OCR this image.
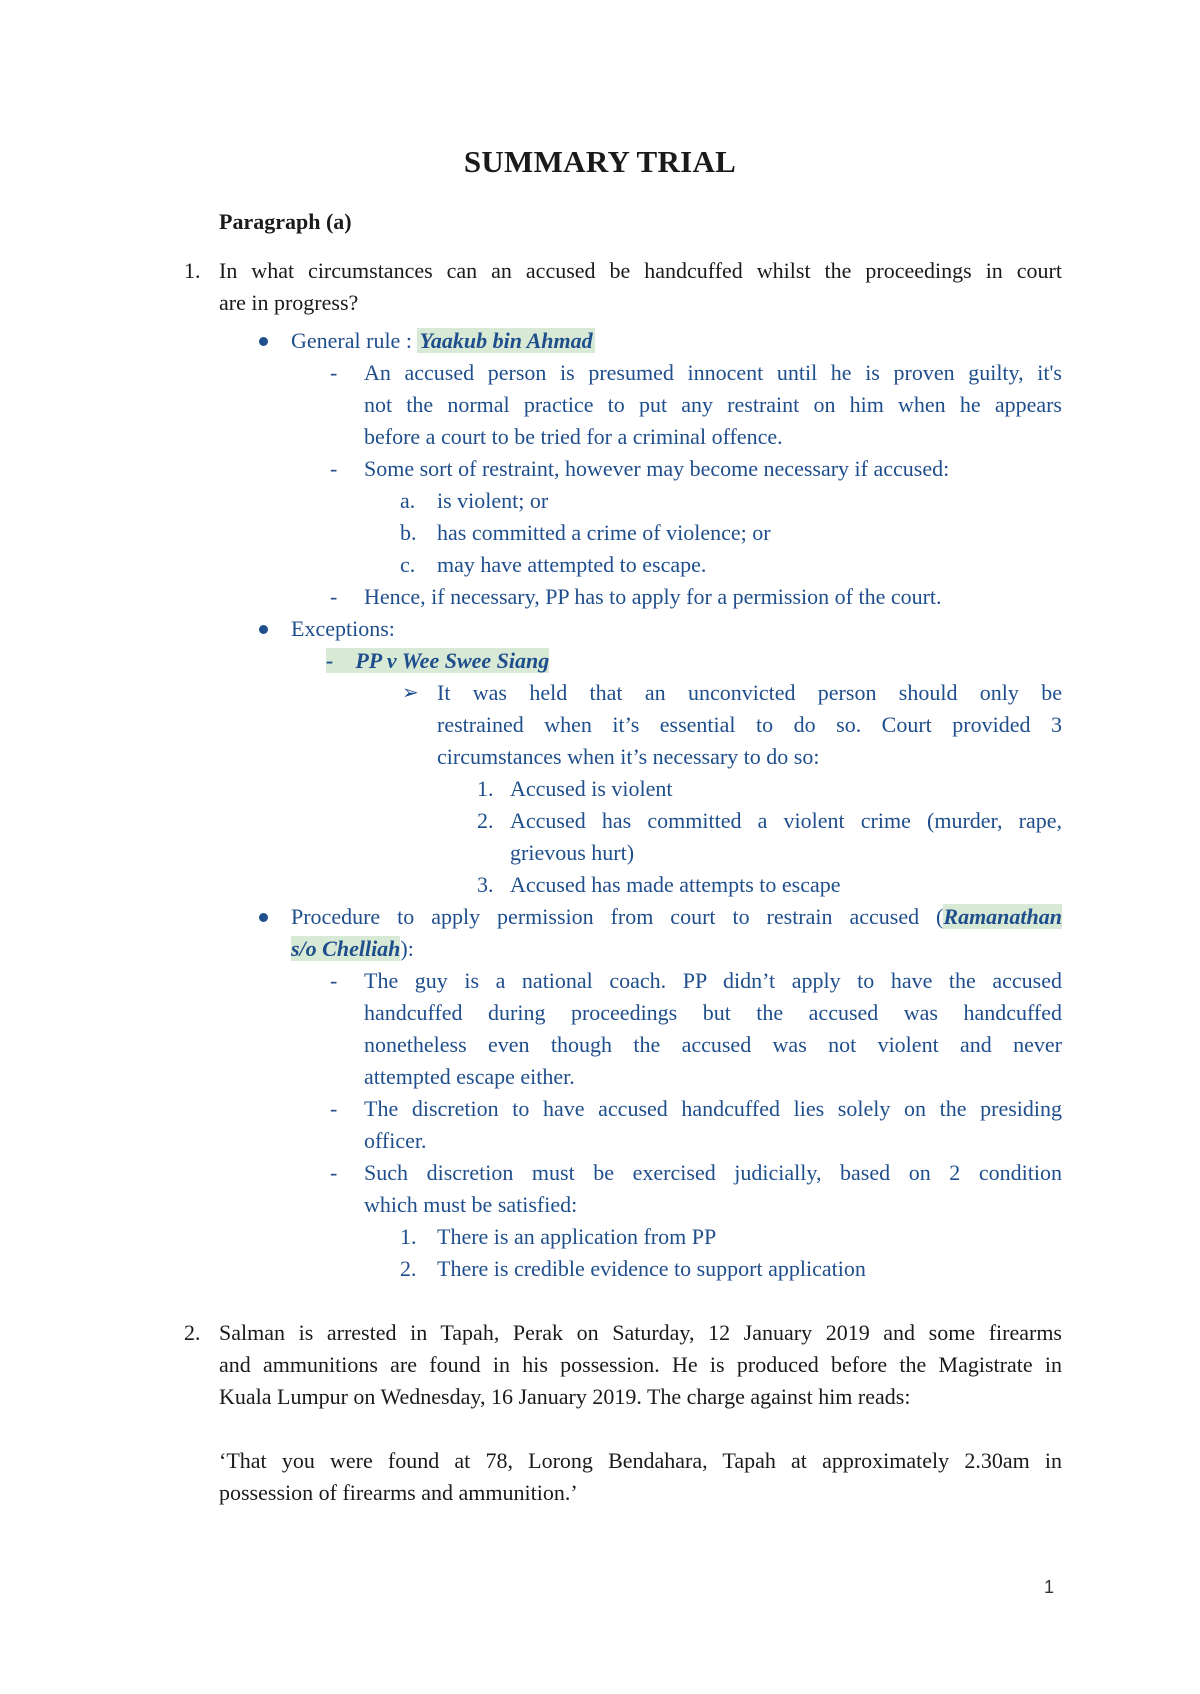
SUMMARY TRIAL
Paragraph (a)
1. In what circumstances can an accused be handcuffed whilst the proceedings in court
are in progress?
General rule : Yaakub bin Ahmad
- An accused person is presumed innocent until he is proven guilty, it's
not the normal practice to put any restraint on him when he appears
before a court to be tried for a criminal offence.
- Some sort of restraint, however may become necessary if accused:
a. is violent; or
b. has committed a crime of violence; or
c. may have attempted to escape.
- Hence, if necessary, PP has to apply for a permission of the court.
Exceptions:
-    PP v Wee Swee Siang
➢ It was held that an unconvicted person should only be
restrained when it’s essential to do so. Court provided 3
circumstances when it’s necessary to do so:
1. Accused is violent
2. Accused has committed a violent crime (murder, rape,
grievous hurt)
3. Accused has made attempts to escape
Procedure to apply permission from court to restrain accused (Ramanathan
s/o Chelliah):
- The guy is a national coach. PP didn’t apply to have the accused
handcuffed during proceedings but the accused was handcuffed
nonetheless even though the accused was not violent and never
attempted escape either.
- The discretion to have accused handcuffed lies solely on the presiding
officer.
- Such discretion must be exercised judicially, based on 2 condition
which must be satisfied:
1. There is an application from PP
2. There is credible evidence to support application
2. Salman is arrested in Tapah, Perak on Saturday, 12 January 2019 and some firearms
and ammunitions are found in his possession. He is produced before the Magistrate in
Kuala Lumpur on Wednesday, 16 January 2019. The charge against him reads:
‘That you were found at 78, Lorong Bendahara, Tapah at approximately 2.30am in
possession of firearms and ammunition.’
1
